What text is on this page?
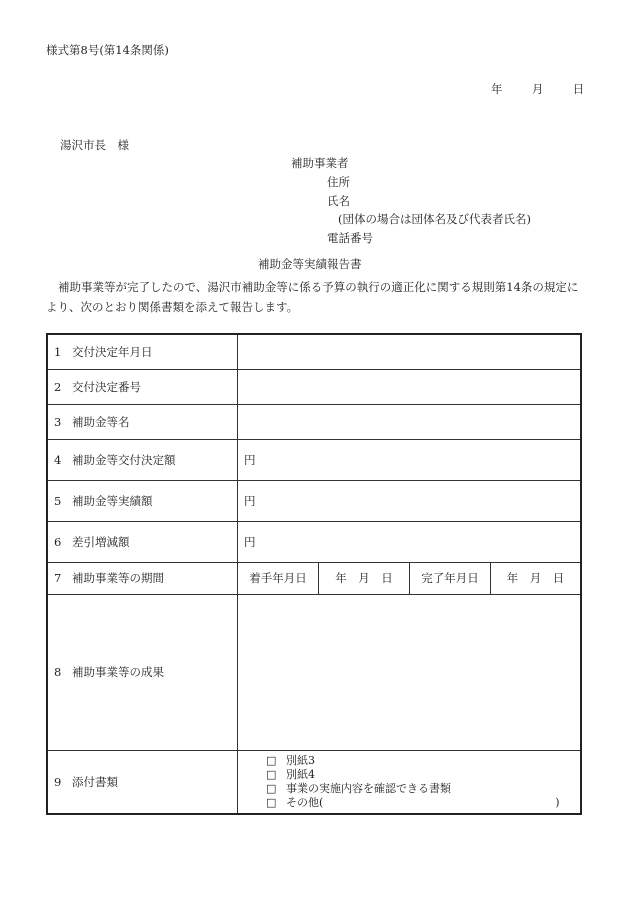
様式第8号(第14条関係)
年	月	日
湯沢市長　様
補助事業者
住所
氏名
(団体の場合は団体名及び代表者氏名)
電話番号
補助金等実績報告書
補助事業等が完了したので、湯沢市補助金等に係る予算の執行の適正化に関する規則第14条の規定により、次のとおり関係書類を添えて報告します。
1 交付決定年月日				
2 交付決定番号				
3 補助金等名				
4 補助金等交付決定額	円			
5 補助金等実績額	円			
6 差引増減額	円			
7 補助事業等の期間	着手年月日	年　月　日	完了年月日	年　月　日
8 補助事業等の成果				
9 添付書類	□ 別紙3
□ 別紙4
□ 事業の実施内容を確認できる書類
□ その他( )			
